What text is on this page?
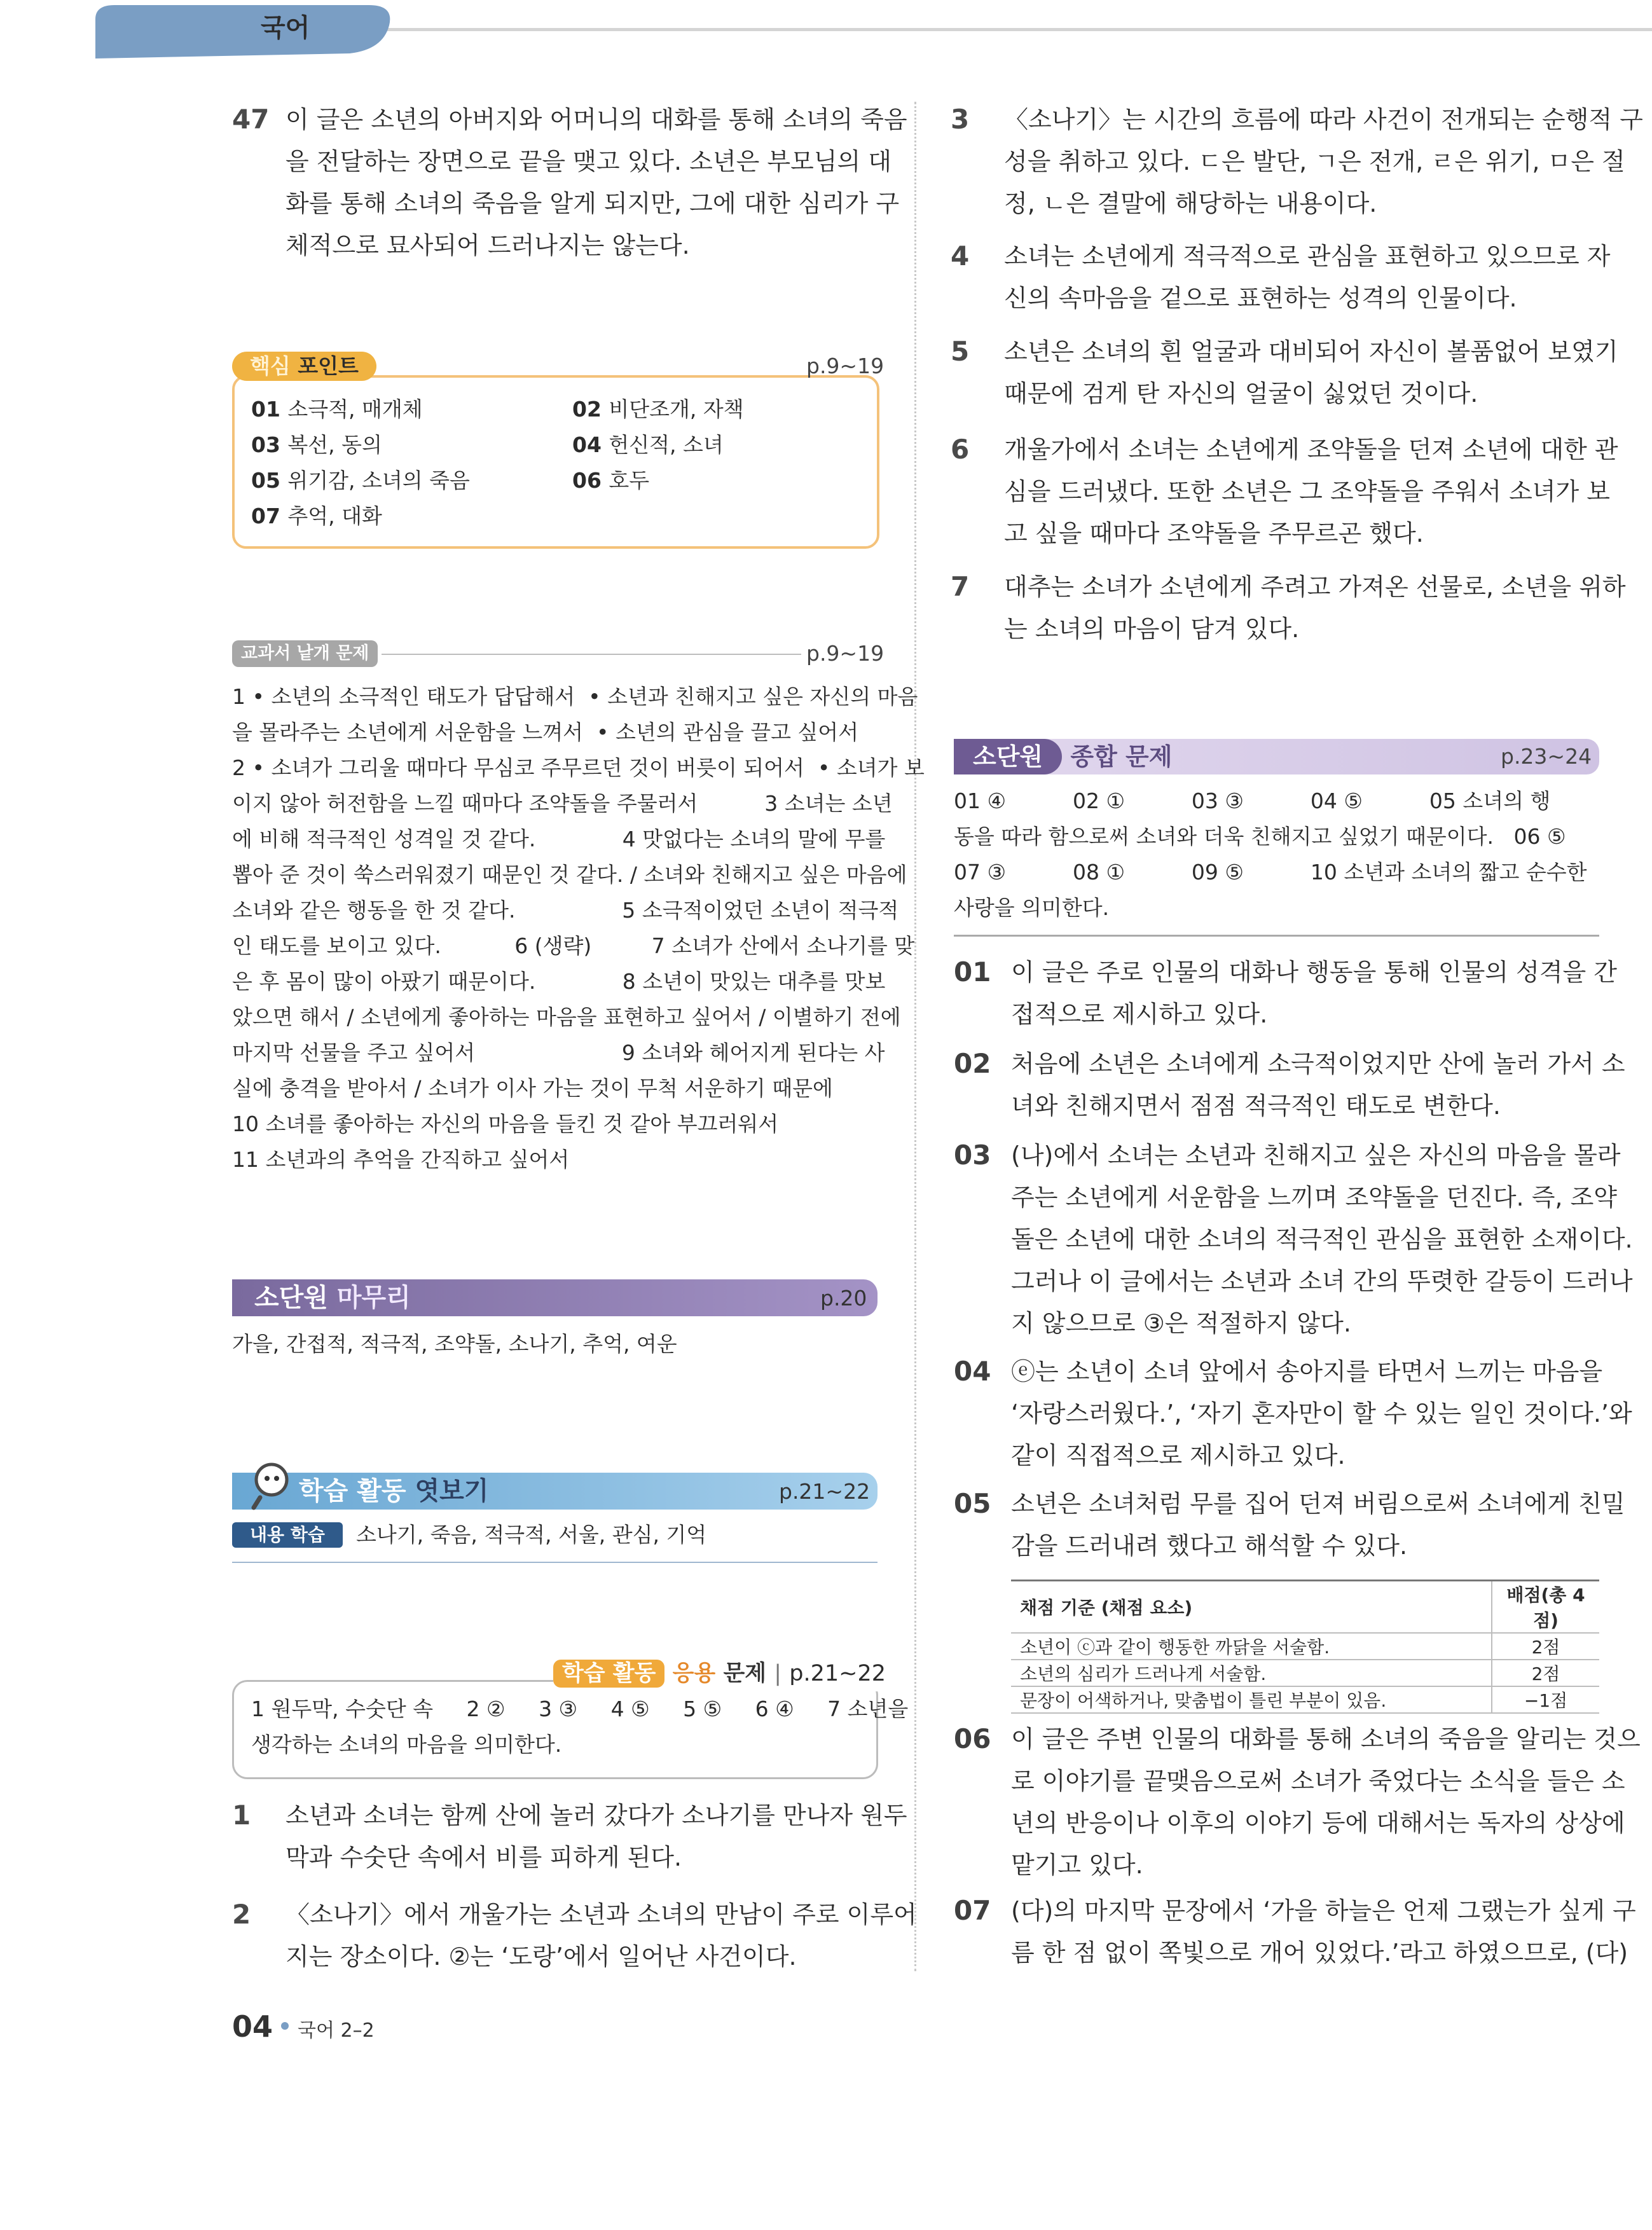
국어
47 이 글은 소년의 아버지와 어머니의 대화를 통해 소녀의 죽음
을 전달하는 장면으로 끝을 맺고 있다. 소년은 부모님의 대
화를 통해 소녀의 죽음을 알게 되지만, 그에 대한 심리가 구
체적으로 묘사되어 드러나지는 않는다.
핵심 포인트	p.9~19
01 소극적, 매개체	02 비단조개, 자책
03 복선, 동의	04 헌신적, 소녀
05 위기감, 소녀의 죽음	06 호두
07 추억, 대화
교과서 낱개 문제	p.9~19
1 • 소년의 소극적인 태도가 답답해서  • 소년과 친해지고 싶은 자신의 마음
을 몰라주는 소년에게 서운함을 느껴서  • 소년의 관심을 끌고 싶어서
2 • 소녀가 그리울 때마다 무심코 주무르던 것이 버릇이 되어서  • 소녀가 보
이지 않아 허전함을 느낄 때마다 조약돌을 주물러서          3 소녀는 소년
에 비해 적극적인 성격일 것 같다.             4 맛없다는 소녀의 말에 무를
뽑아 준 것이 쑥스러워졌기 때문인 것 같다. / 소녀와 친해지고 싶은 마음에
소녀와 같은 행동을 한 것 같다.                5 소극적이었던 소년이 적극적
인 태도를 보이고 있다.           6 (생략)         7 소녀가 산에서 소나기를 맞
은 후 몸이 많이 아팠기 때문이다.             8 소년이 맛있는 대추를 맛보
았으면 해서 / 소년에게 좋아하는 마음을 표현하고 싶어서 / 이별하기 전에
마지막 선물을 주고 싶어서                      9 소녀와 헤어지게 된다는 사
실에 충격을 받아서 / 소녀가 이사 가는 것이 무척 서운하기 때문에
10 소녀를 좋아하는 자신의 마음을 들킨 것 같아 부끄러워서
11 소년과의 추억을 간직하고 싶어서
소단원 마무리	p.20
가을, 간접적, 적극적, 조약돌, 소나기, 추억, 여운
학습 활동 엿보기	p.21~22
내용 학습	소나기, 죽음, 적극적, 서울, 관심, 기억
학습 활동 응용 문제 | p.21~22
1 원두막, 수숫단 속     2 ②     3 ③     4 ⑤     5 ⑤     6 ④     7 소년을
생각하는 소녀의 마음을 의미한다.
1 소년과 소녀는 함께 산에 놀러 갔다가 소나기를 만나자 원두
막과 수숫단 속에서 비를 피하게 된다.
2 〈소나기〉에서 개울가는 소년과 소녀의 만남이 주로 이루어
지는 장소이다. ②는 ‘도랑’에서 일어난 사건이다.
04 국어 2–2
3 〈소나기〉는 시간의 흐름에 따라 사건이 전개되는 순행적 구
성을 취하고 있다. ㄷ은 발단, ㄱ은 전개, ㄹ은 위기, ㅁ은 절
정, ㄴ은 결말에 해당하는 내용이다.
4 소녀는 소년에게 적극적으로 관심을 표현하고 있으므로 자
신의 속마음을 겉으로 표현하는 성격의 인물이다.
5 소년은 소녀의 흰 얼굴과 대비되어 자신이 볼품없어 보였기
때문에 검게 탄 자신의 얼굴이 싫었던 것이다.
6 개울가에서 소녀는 소년에게 조약돌을 던져 소년에 대한 관
심을 드러냈다. 또한 소년은 그 조약돌을 주워서 소녀가 보
고 싶을 때마다 조약돌을 주무르곤 했다.
7 대추는 소녀가 소년에게 주려고 가져온 선물로, 소년을 위하
는 소녀의 마음이 담겨 있다.
소단원 종합 문제	p.23~24
01 ④          02 ①          03 ③          04 ⑤          05 소녀의 행
동을 따라 함으로써 소녀와 더욱 친해지고 싶었기 때문이다.   06 ⑤
07 ③          08 ①          09 ⑤          10 소년과 소녀의 짧고 순수한
사랑을 의미한다.
01 이 글은 주로 인물의 대화나 행동을 통해 인물의 성격을 간
접적으로 제시하고 있다.
02 처음에 소년은 소녀에게 소극적이었지만 산에 놀러 가서 소
녀와 친해지면서 점점 적극적인 태도로 변한다.
03 (나)에서 소녀는 소년과 친해지고 싶은 자신의 마음을 몰라
주는 소년에게 서운함을 느끼며 조약돌을 던진다. 즉, 조약
돌은 소년에 대한 소녀의 적극적인 관심을 표현한 소재이다.
그러나 이 글에서는 소년과 소녀 간의 뚜렷한 갈등이 드러나
지 않으므로 ③은 적절하지 않다.
04 ⓔ는 소년이 소녀 앞에서 송아지를 타면서 느끼는 마음을
‘자랑스러웠다.’, ‘자기 혼자만이 할 수 있는 일인 것이다.’와
같이 직접적으로 제시하고 있다.
05 소년은 소녀처럼 무를 집어 던져 버림으로써 소녀에게 친밀
감을 드러내려 했다고 해석할 수 있다.
채점 기준 (채점 요소)	배점(총 4점)
소년이 ⓒ과 같이 행동한 까닭을 서술함.	2점
소년의 심리가 드러나게 서술함.	2점
문장이 어색하거나, 맞춤법이 틀린 부분이 있음.	−1점
06 이 글은 주변 인물의 대화를 통해 소녀의 죽음을 알리는 것으
로 이야기를 끝맺음으로써 소녀가 죽었다는 소식을 들은 소
년의 반응이나 이후의 이야기 등에 대해서는 독자의 상상에
맡기고 있다.
07 (다)의 마지막 문장에서 ‘가을 하늘은 언제 그랬는가 싶게 구
름 한 점 없이 쪽빛으로 개어 있었다.’라고 하였으므로, (다)
